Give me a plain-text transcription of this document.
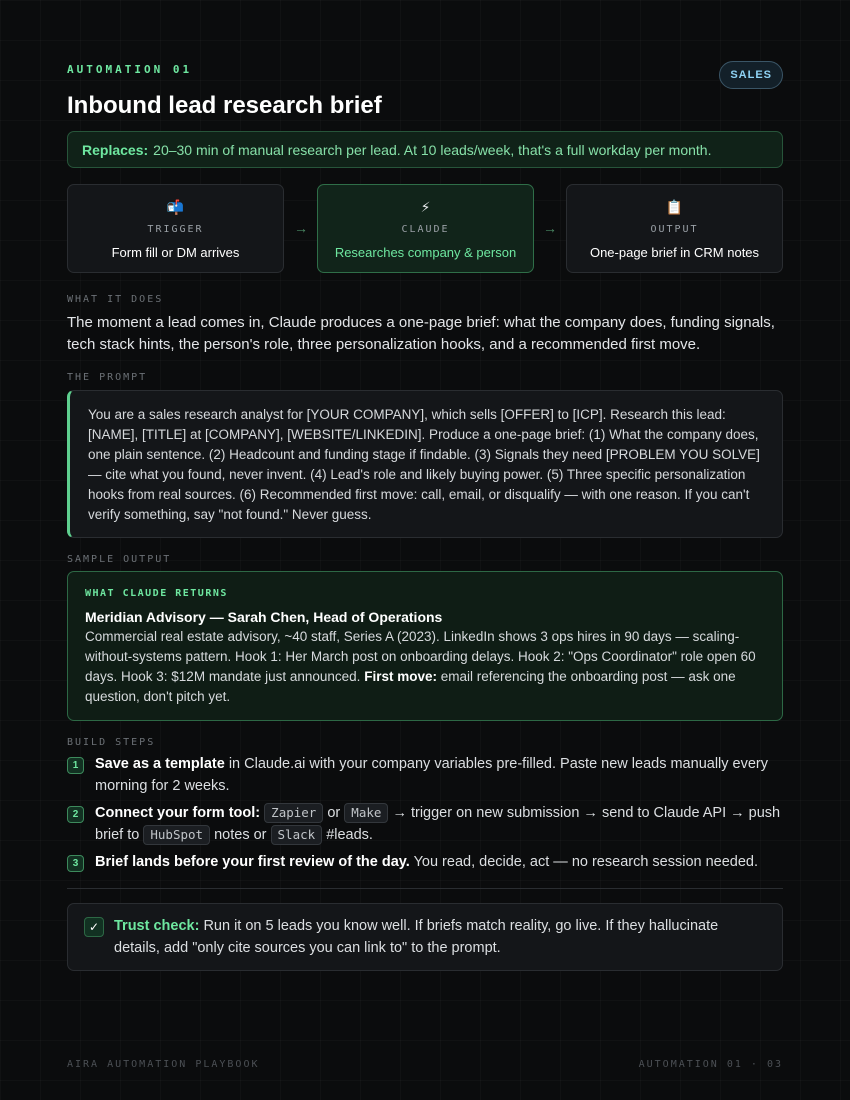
AUTOMATION 01	SALES
Inbound lead research brief
Replaces: 20–30 min of manual research per lead. At 10 leads/week, that's a full workday per month.
📬
TRIGGER
Form fill or DM arrives
→
⚡
CLAUDE
Researches company & person
→
📋
OUTPUT
One-page brief in CRM notes
WHAT IT DOES

The moment a lead comes in, Claude produces a one-page brief: what the company does, funding signals, tech stack hints, the person's role, three personalization hooks, and a recommended first move.

THE PROMPT
You are a sales research analyst for [YOUR COMPANY], which sells [OFFER] to [ICP]. Research this lead: [NAME], [TITLE] at [COMPANY], [WEBSITE/LINKEDIN]. Produce a one-page brief: (1) What the company does, one plain sentence. (2) Headcount and funding stage if findable. (3) Signals they need [PROBLEM YOU SOLVE] — cite what you found, never invent. (4) Lead's role and likely buying power. (5) Three specific personalization hooks from real sources. (6) Recommended first move: call, email, or disqualify — with one reason. If you can't verify something, say "not found." Never guess.
SAMPLE OUTPUT
WHAT CLAUDE RETURNS
Meridian Advisory — Sarah Chen, Head of Operations
Commercial real estate advisory, ~40 staff, Series A (2023). LinkedIn shows 3 ops hires in 90 days — scaling-without-systems pattern. Hook 1: Her March post on onboarding delays. Hook 2: "Ops Coordinator" role open 60 days. Hook 3: $12M mandate just announced. First move: email referencing the onboarding post — ask one question, don't pitch yet.
BUILD STEPS
1	Save as a template in Claude.ai with your company variables pre-filled. Paste new leads manually every morning for 2 weeks.
2	Connect your form tool: Zapier or Make → trigger on new submission → send to Claude API → push brief to HubSpot notes or Slack #leads.
3	Brief lands before your first review of the day. You read, decide, act — no research session needed.
✓	Trust check: Run it on 5 leads you know well. If briefs match reality, go live. If they hallucinate details, add "only cite sources you can link to" to the prompt.
AIRA AUTOMATION PLAYBOOK	AUTOMATION 01 · 03
